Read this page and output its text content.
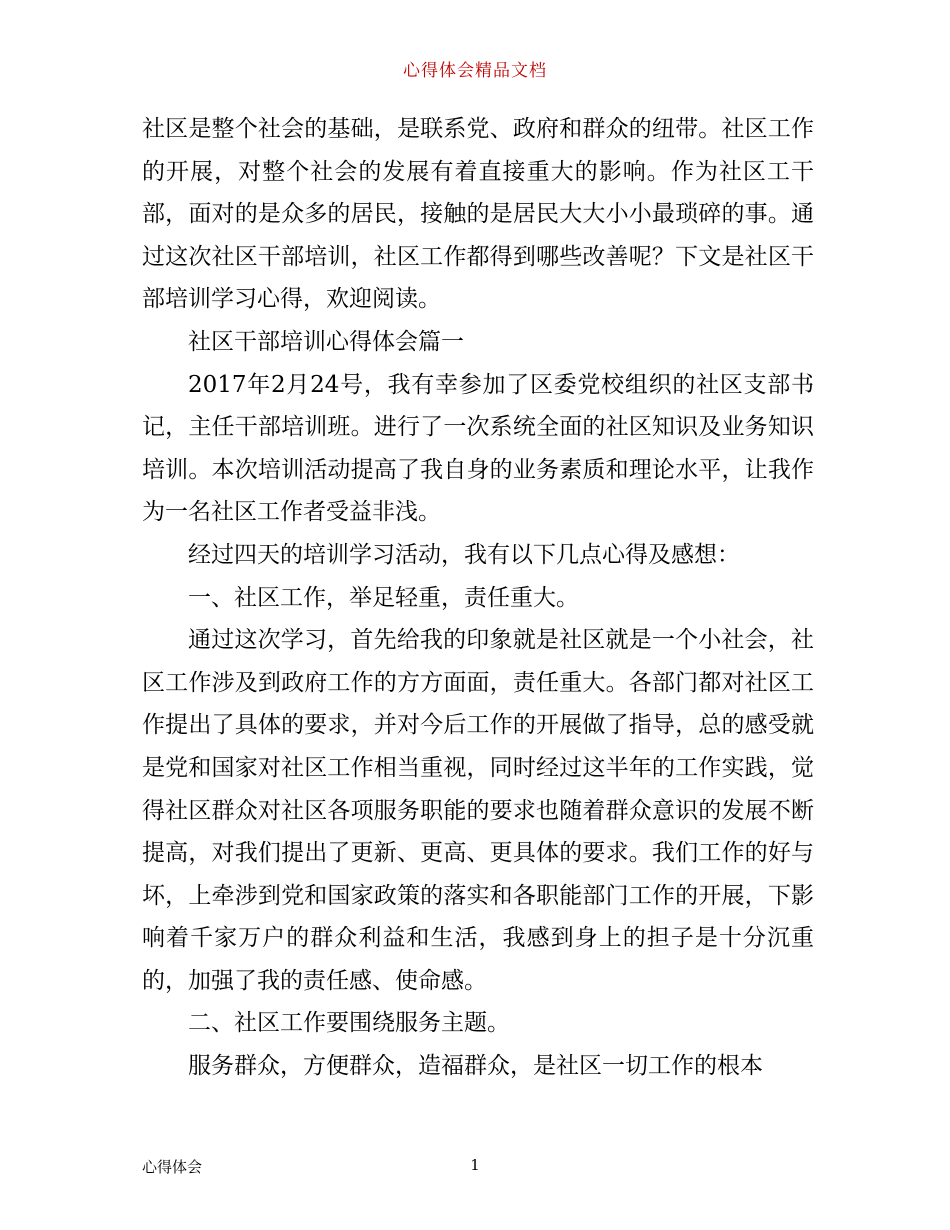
心得体会精品文档

社区是整个社会的基础，是联系党、政府和群众的纽带。社区工作的开展，对整个社会的发展有着直接重大的影响。作为社区工干部，面对的是众多的居民，接触的是居民大大小小最琐碎的事。通过这次社区干部培训，社区工作都得到哪些改善呢？下文是社区干部培训学习心得，欢迎阅读。

社区干部培训心得体会篇一

2017年2月24号，我有幸参加了区委党校组织的社区支部书记，主任干部培训班。进行了一次系统全面的社区知识及业务知识培训。本次培训活动提高了我自身的业务素质和理论水平，让我作为一名社区工作者受益非浅。

经过四天的培训学习活动，我有以下几点心得及感想：

一、社区工作，举足轻重，责任重大。

通过这次学习，首先给我的印象就是社区就是一个小社会，社区工作涉及到政府工作的方方面面，责任重大。各部门都对社区工作提出了具体的要求，并对今后工作的开展做了指导，总的感受就是党和国家对社区工作相当重视，同时经过这半年的工作实践，觉得社区群众对社区各项服务职能的要求也随着群众意识的发展不断提高，对我们提出了更新、更高、更具体的要求。我们工作的好与坏，上牵涉到党和国家政策的落实和各职能部门工作的开展，下影响着千家万户的群众利益和生活，我感到身上的担子是十分沉重的，加强了我的责任感、使命感。

二、社区工作要围绕服务主题。

服务群众，方便群众，造福群众，是社区一切工作的根本

心得体会	1
